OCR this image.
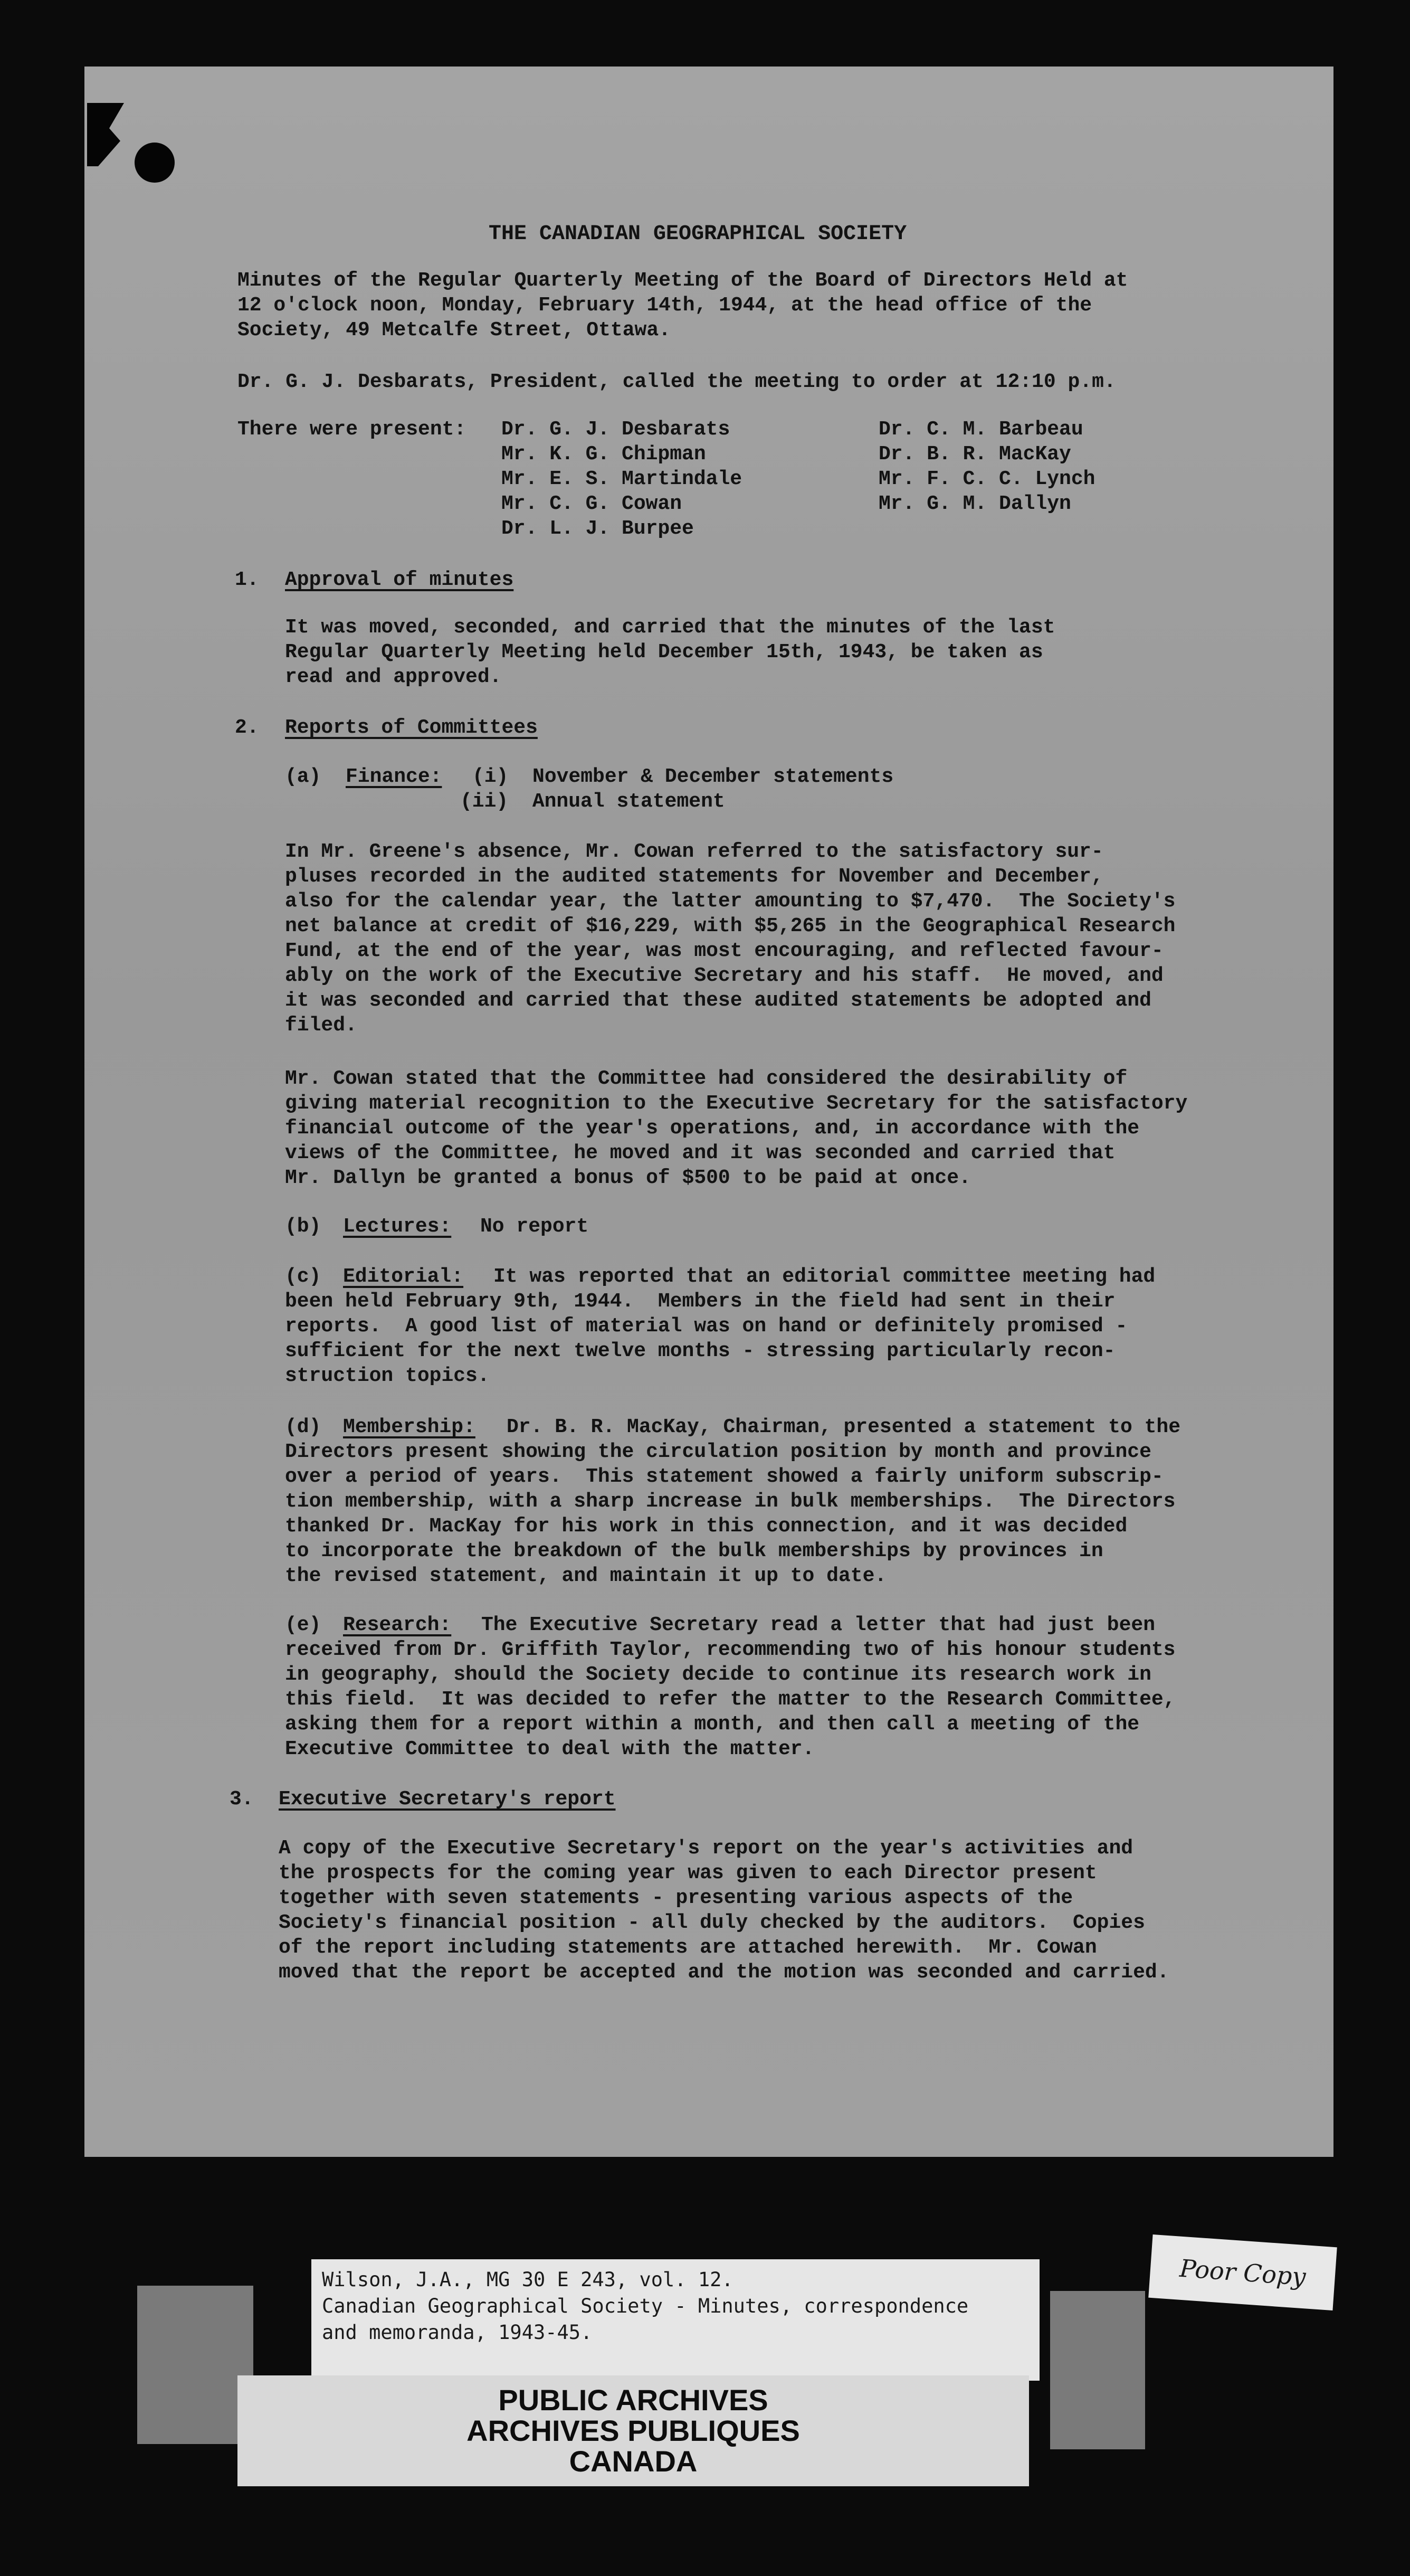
THE CANADIAN GEOGRAPHICAL SOCIETY
Minutes of the Regular Quarterly Meeting of the Board of Directors Held at
12 o'clock noon, Monday, February 14th, 1944, at the head office of the
Society, 49 Metcalfe Street, Ottawa.
Dr. G. J. Desbarats, President, called the meeting to order at 12:10 p.m.
There were present: Dr. G. J. Desbarats
Mr. K. G. Chipman
Mr. E. S. Martindale
Mr. C. G. Cowan
Dr. L. J. Burpee
Dr. C. M. Barbeau
Dr. B. R. MacKay
Mr. F. C. C. Lynch
Mr. G. M. Dallyn
1. Approval of minutes
It was moved, seconded, and carried that the minutes of the last
Regular Quarterly Meeting held December 15th, 1943, be taken as
read and approved.
2. Reports of Committees
(a) Finance: (i)  November & December statements
(ii)  Annual statement
In Mr. Greene's absence, Mr. Cowan referred to the satisfactory sur-
pluses recorded in the audited statements for November and December,
also for the calendar year, the latter amounting to $7,470.  The Society's
net balance at credit of $16,229, with $5,265 in the Geographical Research
Fund, at the end of the year, was most encouraging, and reflected favour-
ably on the work of the Executive Secretary and his staff.  He moved, and
it was seconded and carried that these audited statements be adopted and
filed.
Mr. Cowan stated that the Committee had considered the desirability of
giving material recognition to the Executive Secretary for the satisfactory
financial outcome of the year's operations, and, in accordance with the
views of the Committee, he moved and it was seconded and carried that
Mr. Dallyn be granted a bonus of $500 to be paid at once.
(b) Lectures: No report
(c) Editorial: It was reported that an editorial committee meeting had
been held February 9th, 1944.  Members in the field had sent in their
reports.  A good list of material was on hand or definitely promised -
sufficient for the next twelve months - stressing particularly recon-
struction topics.
(d) Membership: Dr. B. R. MacKay, Chairman, presented a statement to the
Directors present showing the circulation position by month and province
over a period of years.  This statement showed a fairly uniform subscrip-
tion membership, with a sharp increase in bulk memberships.  The Directors
thanked Dr. MacKay for his work in this connection, and it was decided
to incorporate the breakdown of the bulk memberships by provinces in
the revised statement, and maintain it up to date.
(e) Research: The Executive Secretary read a letter that had just been
received from Dr. Griffith Taylor, recommending two of his honour students
in geography, should the Society decide to continue its research work in
this field.  It was decided to refer the matter to the Research Committee,
asking them for a report within a month, and then call a meeting of the
Executive Committee to deal with the matter.
3. Executive Secretary's report
A copy of the Executive Secretary's report on the year's activities and
the prospects for the coming year was given to each Director present
together with seven statements - presenting various aspects of the
Society's financial position - all duly checked by the auditors.  Copies
of the report including statements are attached herewith.  Mr. Cowan
moved that the report be accepted and the motion was seconded and carried.
Wilson, J.A., MG 30 E 243, vol. 12.
Canadian Geographical Society - Minutes, correspondence
and memoranda, 1943-45.
PUBLIC ARCHIVES
ARCHIVES PUBLIQUES
CANADA
Poor Copy
